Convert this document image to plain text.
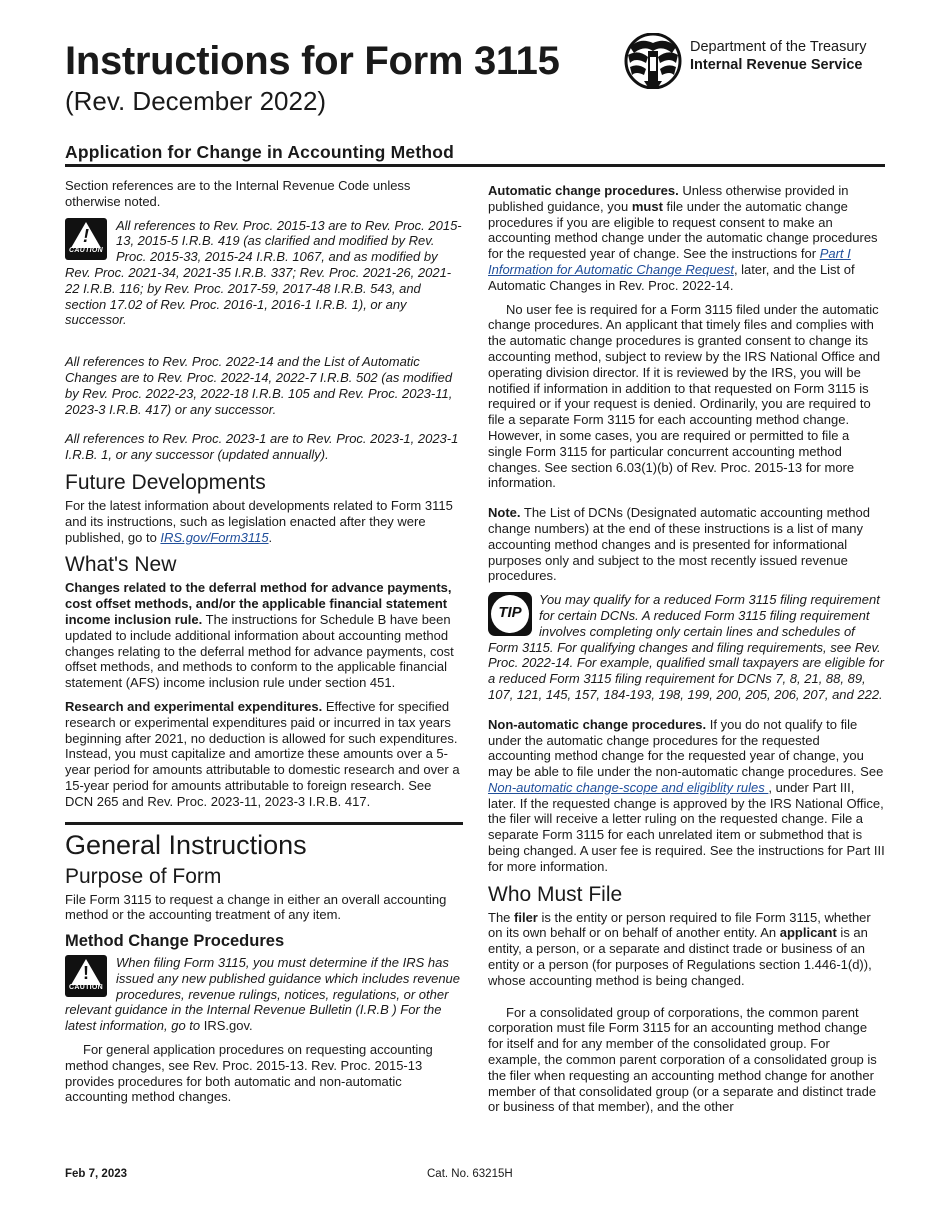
Instructions for Form 3115
(Rev. December 2022)
Department of the Treasury
Internal Revenue Service
Application for Change in Accounting Method

Section references are to the Internal Revenue Code unless otherwise noted.

!
CAUTION

All references to Rev. Proc. 2015-13 are to Rev. Proc. 2015-13, 2015-5 I.R.B. 419 (as clarified and modified by Rev. Proc. 2015-33, 2015-24 I.R.B. 1067, and as modified by Rev. Proc. 2021-34, 2021-35 I.R.B. 337; Rev. Proc. 2021-26, 2021-22 I.R.B. 116; by Rev. Proc. 2017-59, 2017-48 I.R.B. 543, and section 17.02 of Rev. Proc. 2016-1, 2016-1 I.R.B. 1), or any successor.

All references to Rev. Proc. 2022-14 and the List of Automatic Changes are to Rev. Proc. 2022-14, 2022-7 I.R.B. 502 (as modified by Rev. Proc. 2022-23, 2022-18 I.R.B. 105 and Rev. Proc. 2023-11, 2023-3 I.R.B. 417) or any successor.

All references to Rev. Proc. 2023-1 are to Rev. Proc. 2023-1, 2023-1 I.R.B. 1, or any successor (updated annually).

Future Developments

For the latest information about developments related to Form 3115 and its instructions, such as legislation enacted after they were published, go to IRS.gov/Form3115.

What's New

Changes related to the deferral method for advance payments, cost offset methods, and/or the applicable financial statement income inclusion rule. The instructions for Schedule B have been updated to include additional information about accounting method changes relating to the deferral method for advance payments, cost offset methods, and methods to conform to the applicable financial statement (AFS) income inclusion rule under section 451.

Research and experimental expenditures. Effective for specified research or experimental expenditures paid or incurred in tax years beginning after 2021, no deduction is allowed for such expenditures. Instead, you must capitalize and amortize these amounts over a 5-year period for amounts attributable to domestic research and over a 15-year period for amounts attributable to foreign research. See DCN 265 and Rev. Proc. 2023-11, 2023-3 I.R.B. 417.

General Instructions
Purpose of Form

File Form 3115 to request a change in either an overall accounting method or the accounting treatment of any item.

Method Change Procedures
!
CAUTION

When filing Form 3115, you must determine if the IRS has issued any new published guidance which includes revenue procedures, revenue rulings, notices, regulations, or other relevant guidance in the Internal Revenue Bulletin (I.R.B ) For the latest information, go to IRS.gov.

For general application procedures on requesting accounting method changes, see Rev. Proc. 2015-13. Rev. Proc. 2015-13 provides procedures for both automatic and non-automatic accounting method changes.

Automatic change procedures. Unless otherwise provided in published guidance, you must file under the automatic change procedures if you are eligible to request consent to make an accounting method change under the automatic change procedures for the requested year of change. See the instructions for Part I Information for Automatic Change Request, later, and the List of Automatic Changes in Rev. Proc. 2022-14.

No user fee is required for a Form 3115 filed under the automatic change procedures. An applicant that timely files and complies with the automatic change procedures is granted consent to change its accounting method, subject to review by the IRS National Office and operating division director. If it is reviewed by the IRS, you will be notified if information in addition to that requested on Form 3115 is required or if your request is denied. Ordinarily, you are required to file a separate Form 3115 for each accounting method change. However, in some cases, you are required or permitted to file a single Form 3115 for particular concurrent accounting method changes. See section 6.03(1)(b) of Rev. Proc. 2015-13 for more information.

Note. The List of DCNs (Designated automatic accounting method change numbers) at the end of these instructions is a list of many accounting method changes and is presented for informational purposes only and subject to the most recently issued revenue procedures.

TIP

You may qualify for a reduced Form 3115 filing requirement for certain DCNs. A reduced Form 3115 filing requirement involves completing only certain lines and schedules of Form 3115. For qualifying changes and filing requirements, see Rev. Proc. 2022-14. For example, qualified small taxpayers are eligible for a reduced Form 3115 filing requirement for DCNs 7, 8, 21, 88, 89, 107, 121, 145, 157, 184-193, 198, 199, 200, 205, 206, 207, and 222.

Non-automatic change procedures. If you do not qualify to file under the automatic change procedures for the requested accounting method change for the requested year of change, you may be able to file under the non-automatic change procedures. See Non-automatic change-scope and eligiblity rules , under Part III, later. If the requested change is approved by the IRS National Office, the filer will receive a letter ruling on the requested change. File a separate Form 3115 for each unrelated item or submethod that is being changed. A user fee is required. See the instructions for Part III for more information.

Who Must File

The filer is the entity or person required to file Form 3115, whether on its own behalf or on behalf of another entity. An applicant is an entity, a person, or a separate and distinct trade or business of an entity or a person (for purposes of Regulations section 1.446-1(d)), whose accounting method is being changed.

For a consolidated group of corporations, the common parent corporation must file Form 3115 for an accounting method change for itself and for any member of the consolidated group. For example, the common parent corporation of a consolidated group is the filer when requesting an accounting method change for another member of that consolidated group (or a separate and distinct trade or business of that member), and the other

Feb 7, 2023	Cat. No. 63215H
